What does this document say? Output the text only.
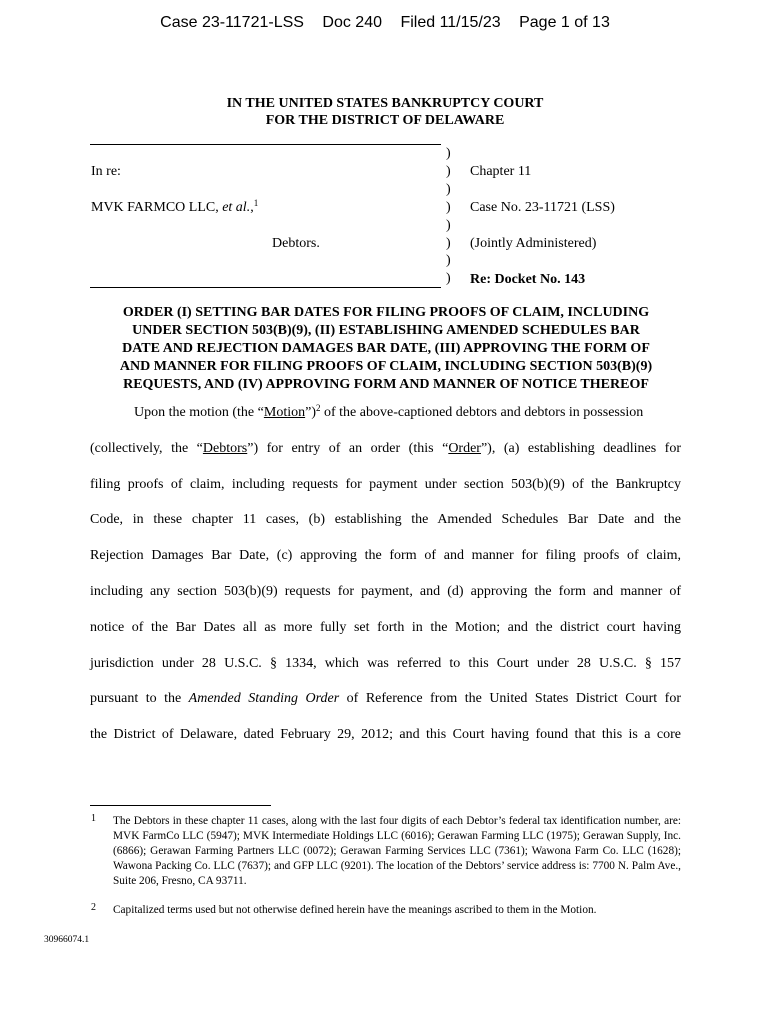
Case 23-11721-LSS Doc 240 Filed 11/15/23 Page 1 of 13
IN THE UNITED STATES BANKRUPTCY COURT
FOR THE DISTRICT OF DELAWARE
)
)
)
)
)
)
)
)
In re:
MVK FARMCO LLC, et al.,$^1$
Debtors.
Chapter 11
Case No. 23-11721 (LSS)
(Jointly Administered)
Re: Docket No. 143
ORDER (I) SETTING BAR DATES FOR FILING PROOFS OF CLAIM, INCLUDING
UNDER SECTION 503(B)(9), (II) ESTABLISHING AMENDED SCHEDULES BAR
DATE AND REJECTION DAMAGES BAR DATE, (III) APPROVING THE FORM OF
AND MANNER FOR FILING PROOFS OF CLAIM, INCLUDING SECTION 503(B)(9)
REQUESTS, AND (IV) APPROVING FORM AND MANNER OF NOTICE THEREOF
Upon the motion (the “Motion”)$^2$ of the above-captioned debtors and debtors in possession
(collectively, the “Debtors”) for entry of an order (this “Order”), (a) establishing deadlines for
filing proofs of claim, including requests for payment under section 503(b)(9) of the Bankruptcy
Code, in these chapter 11 cases, (b) establishing the Amended Schedules Bar Date and the
Rejection Damages Bar Date, (c) approving the form of and manner for filing proofs of claim,
including any section 503(b)(9) requests for payment, and (d) approving the form and manner of
notice of the Bar Dates all as more fully set forth in the Motion; and the district court having
jurisdiction under 28 U.S.C. § 1334, which was referred to this Court under 28 U.S.C. § 157
pursuant to the Amended Standing Order of Reference from the United States District Court for
the District of Delaware, dated February 29, 2012; and this Court having found that this is a core
1 The Debtors in these chapter 11 cases, along with the last four digits of each Debtor’s federal tax identification number, are: MVK FarmCo LLC (5947); MVK Intermediate Holdings LLC (6016); Gerawan Farming LLC (1975); Gerawan Supply, Inc. (6866); Gerawan Farming Partners LLC (0072); Gerawan Farming Services LLC (7361); Wawona Farm Co. LLC (1628); Wawona Packing Co. LLC (7637); and GFP LLC (9201). The location of the Debtors’ service address is: 7700 N. Palm Ave., Suite 206, Fresno, CA 93711.
2 Capitalized terms used but not otherwise defined herein have the meanings ascribed to them in the Motion.
30966074.1
